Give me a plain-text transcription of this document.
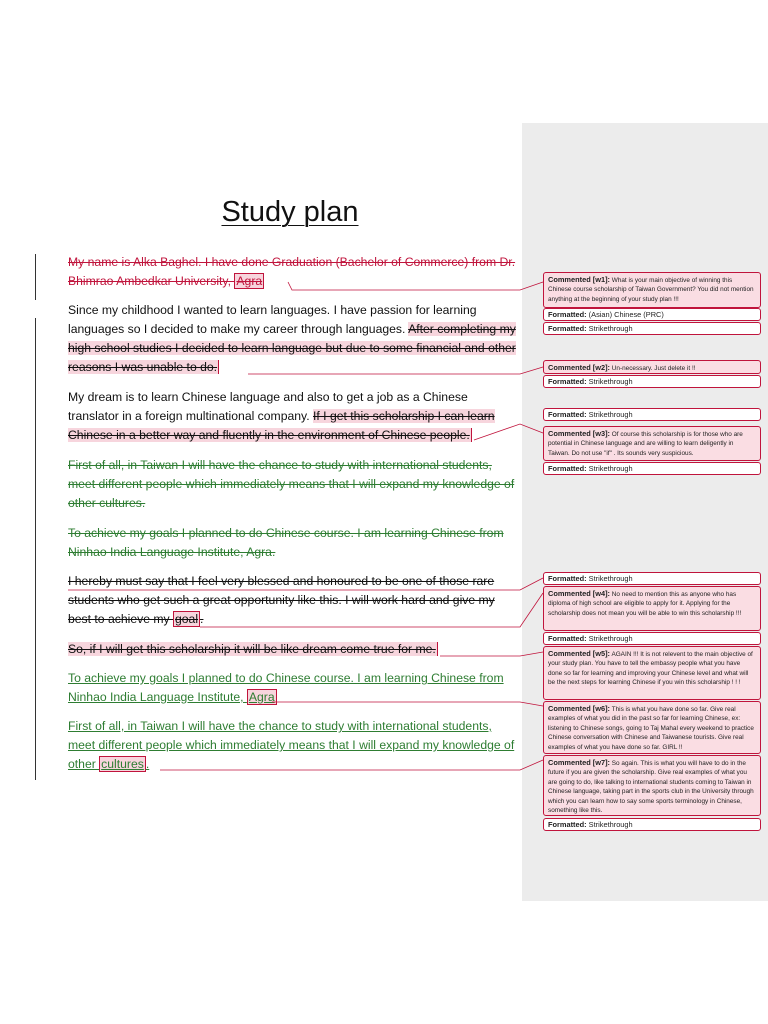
Study plan

My name is Alka Baghel. I have done Graduation (Bachelor of Commerce) from Dr. Bhimrao Ambedkar University, Agra

Since my childhood I wanted to learn languages. I have passion for learning languages so I decided to make my career through languages. After completing my high school studies I decided to learn language but due to some financial and other reasons I was unable to do.

My dream is to learn Chinese language and also to get a job as a Chinese translator in a foreign multinational company. If I get this scholarship I can learn Chinese in a better way and fluently in the environment of Chinese people.

First of all, in Taiwan I will have the chance to study with international students, meet different people which immediately means that I will expand my knowledge of other cultures.

To achieve my goals I planned to do Chinese course. I am learning Chinese from Ninhao India Language Institute, Agra.

I hereby must say that I feel very blessed and honoured to be one of those rare students who get such a great opportunity like this. I will work hard and give my best to achieve my goal .

So, if I will get this scholarship it will be like dream come true for me.

To achieve my goals I planned to do Chinese course. I am learning Chinese from Ninhao India Language Institute, Agra

First of all, in Taiwan I will have the chance to study with international students, meet different people which immediately means that I will expand my knowledge of other cultures .

Commented [w1]: What is your main objective of winning this Chinese course scholarship of Taiwan Government? You did not mention anything at the beginning of your study plan !!!
Formatted: (Asian) Chinese (PRC)
Formatted: Strikethrough
Commented [w2]: Un-necessary. Just delete it !!
Formatted: Strikethrough
Formatted: Strikethrough
Commented [w3]: Of course this scholarship is for those who are potential in Chinese language and are willing to learn deligently in Taiwan. Do not use "if" . Its sounds very suspicious.
Formatted: Strikethrough
Formatted: Strikethrough
Commented [w4]: No need to mention this as anyone who has diploma of high school are eligible to apply for it. Applying for the scholarship does not mean you will be able to win this scholarship !!!
Formatted: Strikethrough
Commented [w5]: AGAIN !!! It is not relevent to the main objective of your study plan. You have to tell the embassy people what you have done so far for learning and improving your Chinese level and what will be the next steps for learning Chinese if you win this scholarship ! ! !
Commented [w6]: This is what you have done so far. Give real examples of what you did in the past so far for learning Chinese, ex: listening to Chinese songs, going to Taj Mahal every weekend to practice Chinese conversation with Chinese and Taiwanese tourists. Give real examples of what you have done so far. GIRL !!
Commented [w7]: So again. This is what you will have to do in the future if you are given the scholarship. Give real examples of what you are going to do, like talking to international students coming to Taiwan in Chinese language, taking part in the sports club in the University through which you can learn how to say some sports terminology in Chinese, something like this.
Formatted: Strikethrough
